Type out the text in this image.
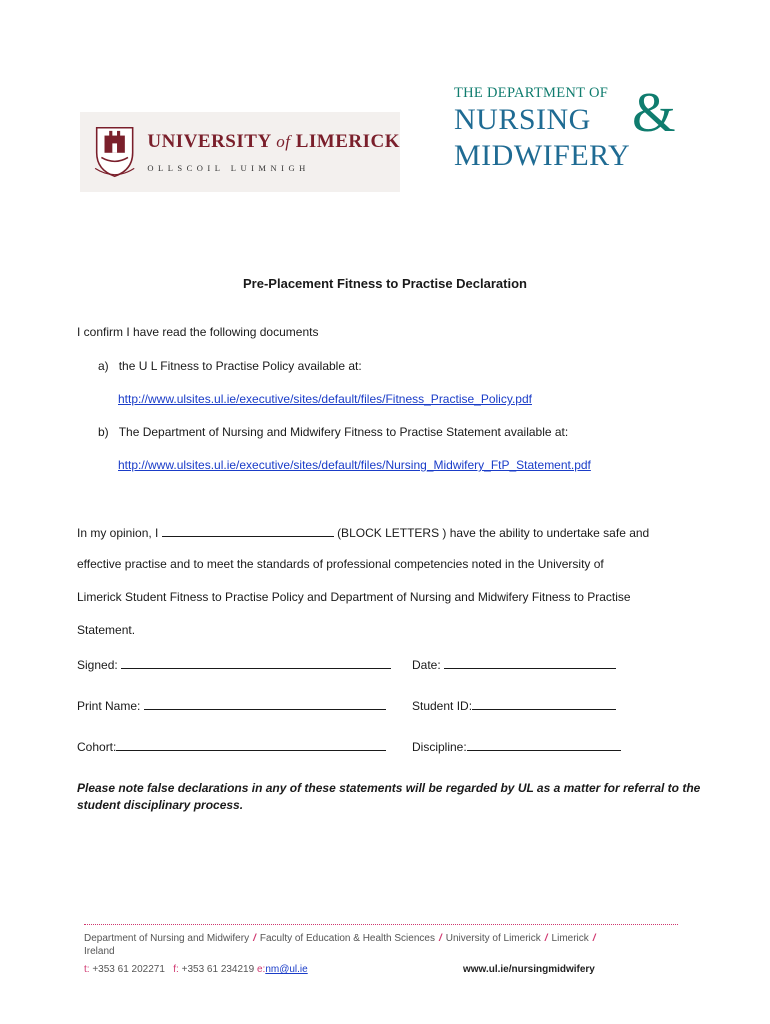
UNIVERSITY of LIMERICK
OLLSCOIL LUIMNIGH
THE DEPARTMENT OF
NURSING
MIDWIFERY
&
Pre-Placement Fitness to Practise Declaration
I confirm I have read the following documents
a) the U L Fitness to Practise Policy available at:
http://www.ulsites.ul.ie/executive/sites/default/files/Fitness_Practise_Policy.pdf
b) The Department of Nursing and Midwifery Fitness to Practise Statement available at:
http://www.ulsites.ul.ie/executive/sites/default/files/Nursing_Midwifery_FtP_Statement.pdf
In my opinion, I	(BLOCK LETTERS ) have the ability to undertake safe and
effective practise and to meet the standards of professional competencies noted in the University of
Limerick Student Fitness to Practise Policy and Department of Nursing and Midwifery Fitness to Practise
Statement.
Signed:	Date:
Print Name:	Student ID:
Cohort:	Discipline:
Please note false declarations in any of these statements will be regarded by UL as a matter for referral to the student disciplinary process.
Department of Nursing and Midwifery / Faculty of Education & Health Sciences / University of Limerick / Limerick /
Ireland
t: +353 61 202271 f: +353 61 234219 e:nm@ul.ie	www.ul.ie/nursingmidwifery
